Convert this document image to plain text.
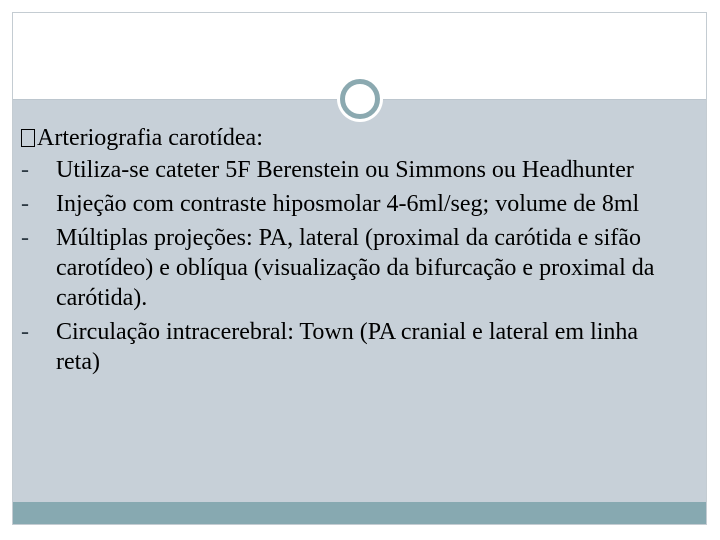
Arteriografia carotídea:
- Utiliza-se cateter 5F Berenstein ou Simmons ou Headhunter
- Injeção com contraste hiposmolar 4-6ml/seg; volume de 8ml
- Múltiplas projeções: PA, lateral (proximal da carótida e sifão carotídeo) e oblíqua (visualização da bifurcação e proximal da carótida).
- Circulação intracerebral: Town (PA cranial e lateral em linha reta)
